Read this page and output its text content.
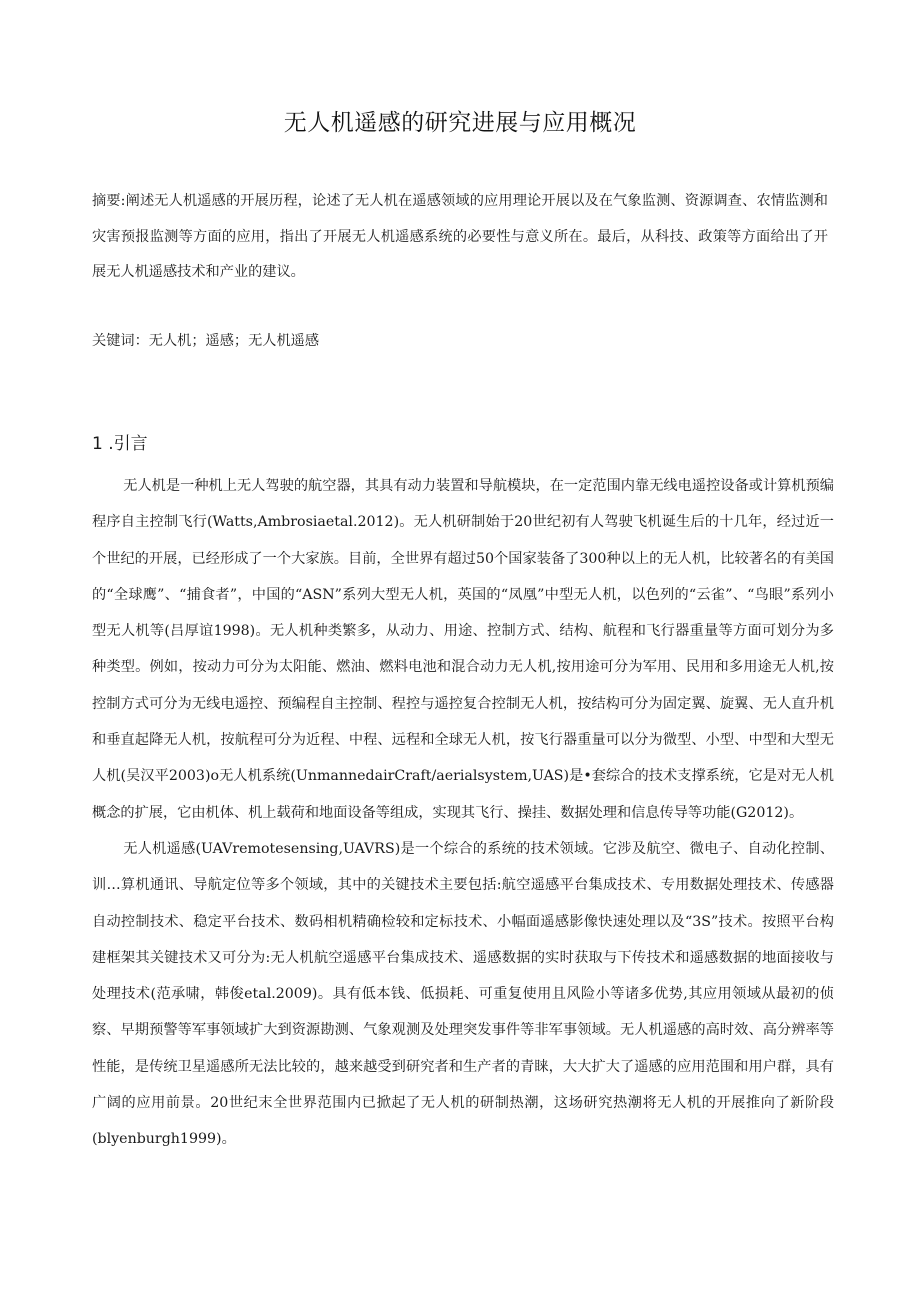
无人机遥感的研究进展与应用概况
摘要:阐述无人机遥感的开展历程，论述了无人机在遥感领域的应用理论开展以及在气象监测、资源调查、农情监测和灾害预报监测等方面的应用，指出了开展无人机遥感系统的必要性与意义所在。最后，从科技、政策等方面给出了开展无人机遥感技术和产业的建议。
关键词：无人机；遥感；无人机遥感
1 .引言

无人机是一种机上无人驾驶的航空器，其具有动力装置和导航模块，在一定范围内靠无线电遥控设备或计算机预编程序自主控制飞行(Watts,Ambrosiaetal.2012)。无人机研制始于20世纪初有人驾驶飞机诞生后的十几年，经过近一个世纪的开展，已经形成了一个大家族。目前，全世界有超过50个国家装备了300种以上的无人机，比较著名的有美国的“全球鹰”、“捕食者”，中国的“ASN”系列大型无人机，英国的“凤凰”中型无人机，以色列的“云雀”、“鸟眼”系列小型无人机等(吕厚谊1998)。无人机种类繁多，从动力、用途、控制方式、结构、航程和飞行器重量等方面可划分为多种类型。例如，按动力可分为太阳能、燃油、燃料电池和混合动力无人机,按用途可分为军用、民用和多用途无人机,按控制方式可分为无线电遥控、预编程自主控制、程控与遥控复合控制无人机，按结构可分为固定翼、旋翼、无人直升机和垂直起降无人机，按航程可分为近程、中程、远程和全球无人机，按飞行器重量可以分为微型、小型、中型和大型无人机(吴汉平2003)o无人机系统(UnmannedairCraft/aerialsystem,UAS)是•套综合的技术支撑系统，它是对无人机概念的扩展，它由机体、机上载荷和地面设备等组成，实现其飞行、操挂、数据处理和信息传导等功能(G2012)。

无人机遥感(UAVremotesensing,UAVRS)是一个综合的系统的技术领域。它涉及航空、微电子、自动化控制、训…算机通讯、导航定位等多个领域，其中的关键技术主要包括:航空遥感平台集成技术、专用数据处理技术、传感器自动控制技术、稳定平台技术、数码相机精确检较和定标技术、小幅面遥感影像快速处理以及“3S”技术。按照平台构建框架其关键技术又可分为:无人机航空遥感平台集成技术、遥感数据的实时获取与下传技术和遥感数据的地面接收与处理技术(范承啸，韩俊etal.2009)。具有低本钱、低损耗、可重复使用且风险小等诸多优势,其应用领域从最初的侦察、早期预警等军事领域扩大到资源勘测、气象观测及处理突发事件等非军事领域。无人机遥感的高时效、高分辨率等性能，是传统卫星遥感所无法比较的，越来越受到研究者和生产者的青睐，大大扩大了遥感的应用范围和用户群，具有广阔的应用前景。20世纪末全世界范围内已掀起了无人机的研制热潮，这场研究热潮将无人机的开展推向了新阶段(blyenburgh1999)。
